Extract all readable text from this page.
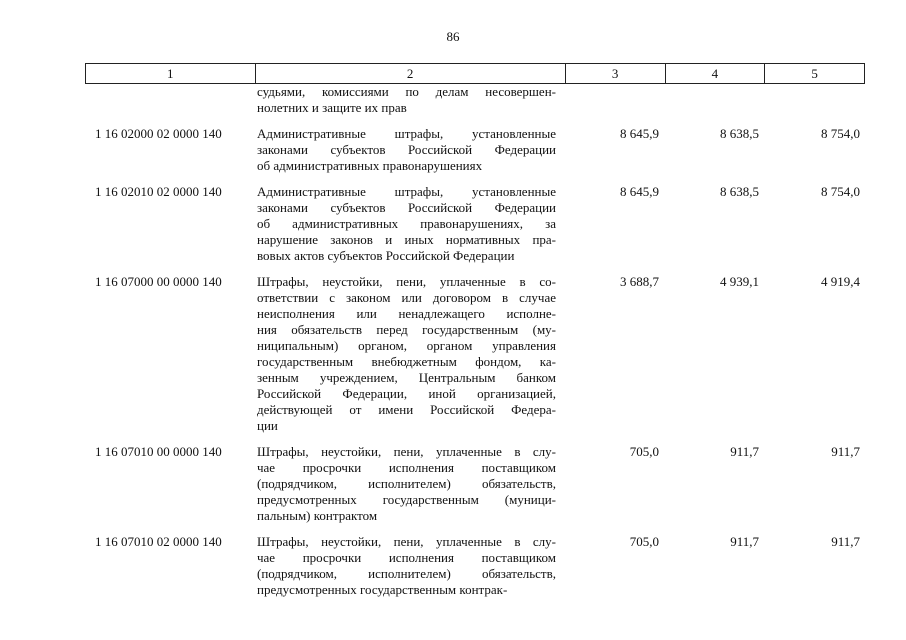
86
1	2	3	4	5
судьями, комиссиями по делам несовершен-
нолетних и защите их прав
1 16 02000 02 0000 140	Административные штрафы, установленные
законами субъектов Российской Федерации
об административных правонарушениях
8 645,9	8 638,5	8 754,0
1 16 02010 02 0000 140	Административные штрафы, установленные
законами субъектов Российской Федерации
об административных правонарушениях, за
нарушение законов и иных нормативных пра-
вовых актов субъектов Российской Федерации
8 645,9	8 638,5	8 754,0
1 16 07000 00 0000 140	Штрафы, неустойки, пени, уплаченные в со-
ответствии с законом или договором в случае
неисполнения или ненадлежащего исполне-
ния обязательств перед государственным (му-
ниципальным) органом, органом управления
государственным внебюджетным фондом, ка-
зенным учреждением, Центральным банком
Российской Федерации, иной организацией,
действующей от имени Российской Федера-
ции
3 688,7	4 939,1	4 919,4
1 16 07010 00 0000 140	Штрафы, неустойки, пени, уплаченные в слу-
чае просрочки исполнения поставщиком
(подрядчиком, исполнителем) обязательств,
предусмотренных государственным (муници-
пальным) контрактом
705,0	911,7	911,7
1 16 07010 02 0000 140	Штрафы, неустойки, пени, уплаченные в слу-
чае просрочки исполнения поставщиком
(подрядчиком, исполнителем) обязательств,
предусмотренных государственным контрак-
705,0	911,7	911,7
